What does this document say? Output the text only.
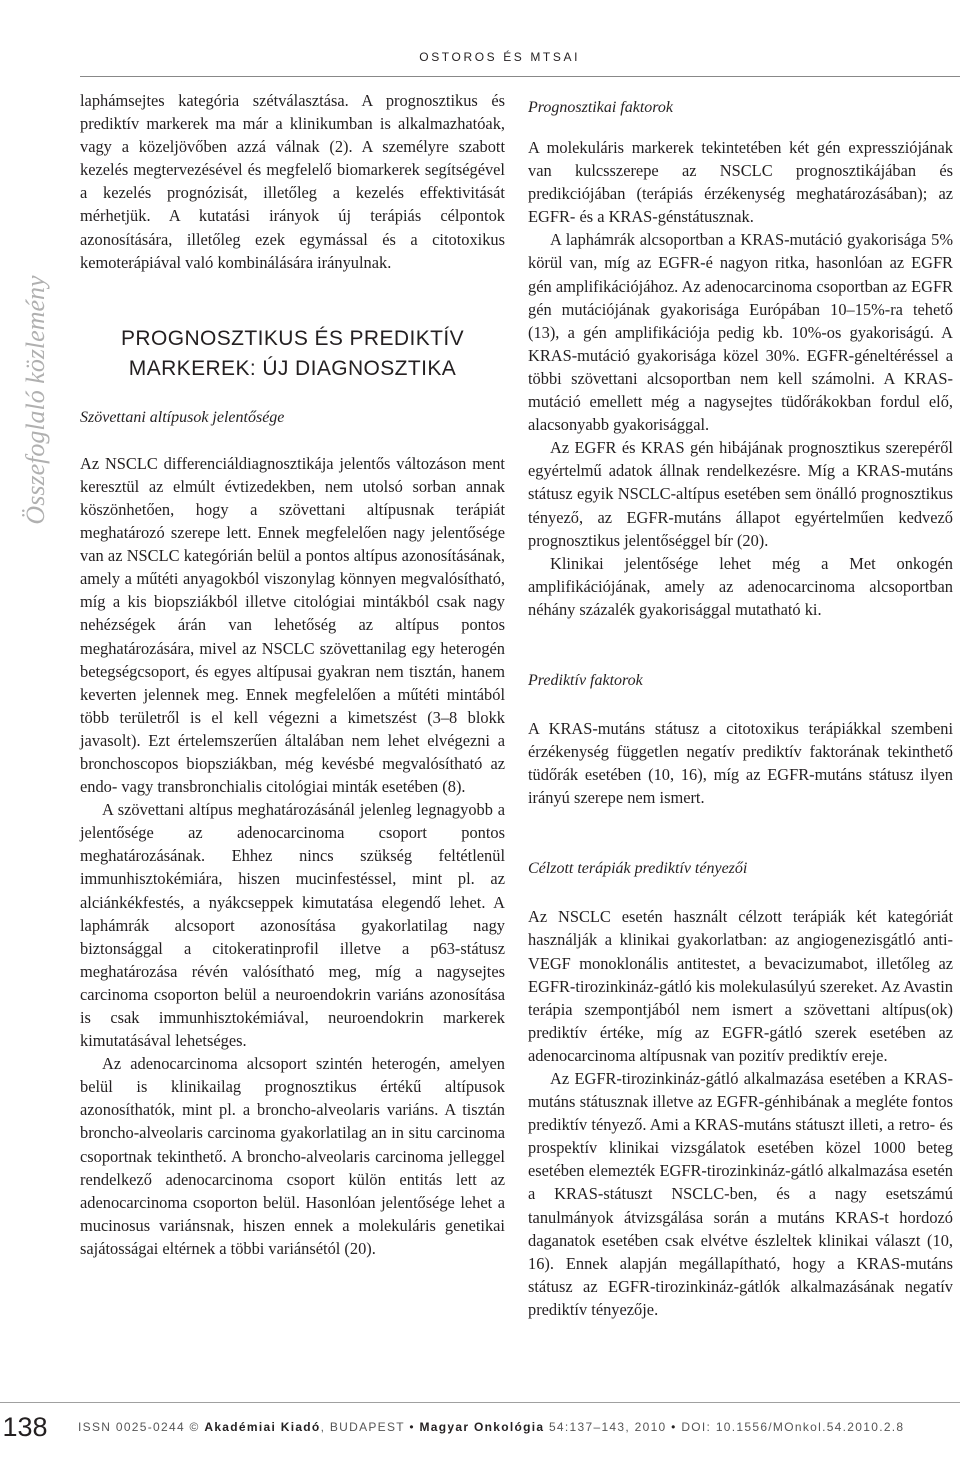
Összefoglaló közlemény
OSTOROS ÉS MTSAI

laphámsejtes kategória szétválasztása. A prognosztikus és prediktív markerek ma már a klinikumban is alkalmazhatóak, vagy a közeljövőben azzá válnak (2). A személyre szabott kezelés megtervezésével és megfelelő biomarkerek segítségével a kezelés prognózisát, illetőleg a kezelés effektivitását mérhetjük. A kutatási irányok új terápiás célpontok azonosítására, illetőleg ezek egymással és a citotoxikus kemoterápiával való kombinálására irányulnak.

PROGNOSZTIKUS ÉS PREDIKTÍV
MARKEREK: ÚJ DIAGNOSZTIKA

Szövettani altípusok jelentősége

Az NSCLC differenciáldiagnosztikája jelentős változáson ment keresztül az elmúlt évtizedekben, nem utolsó sorban annak köszönhetően, hogy a szövettani altípusnak terápiát meghatározó szerepe lett. Ennek megfelelően nagy jelentősége van az NSCLC kategórián belül a pontos altípus azonosításának, amely a műtéti anyagokból viszonylag könnyen megvalósítható, míg a kis biopsziákból illetve citológiai mintákból csak nagy nehézségek árán van lehetőség az altípus pontos meghatározására, mivel az NSCLC szövettanilag egy heterogén betegségcsoport, és egyes altípusai gyakran nem tisztán, hanem keverten jelennek meg. Ennek megfelelően a műtéti mintából több területről is el kell végezni a kimetszést (3–8 blokk javasolt). Ezt értelemszerűen általában nem lehet elvégezni a bronchoscopos biopsziákban, még kevésbé megvalósítható az endo- vagy transbronchialis citológiai minták esetében (8).

A szövettani altípus meghatározásánál jelenleg legnagyobb a jelentősége az adenocarcinoma csoport pontos meghatározásának. Ehhez nincs szükség feltétlenül immunhisztokémiára, hiszen mucinfestéssel, mint pl. az alciánkékfestés, a nyákcseppek kimutatása elegendő lehet. A laphámrák alcsoport azonosítása gyakorlatilag nagy biztonsággal a citokeratinprofil illetve a p63-státusz meghatározása révén valósítható meg, míg a nagysejtes carcinoma csoporton belül a neuroendokrin variáns azonosítása is csak immunhisztokémiával, neuroendokrin markerek kimutatásával lehetséges.

Az adenocarcinoma alcsoport szintén heterogén, amelyen belül is klinikailag prognosztikus értékű altípusok azonosíthatók, mint pl. a broncho-alveolaris variáns. A tisztán broncho-alveolaris carcinoma gyakorlatilag an in situ carcinoma csoportnak tekinthető. A broncho-alveolaris carcinoma jelleggel rendelkező adenocarcinoma csoport külön entitás lett az adenocarcinoma csoporton belül. Hasonlóan jelentősége lehet a mucinosus variánsnak, hiszen ennek a molekuláris genetikai sajátosságai eltérnek a többi variánsétól (20).

Prognosztikai faktorok

A molekuláris markerek tekintetében két gén expressziójának van kulcsszerepe az NSCLC prognosztikájában és predikciójában (terápiás érzékenység meghatározásában); az EGFR- és a KRAS-génstátusznak.

A laphámrák alcsoportban a KRAS-mutáció gyakorisága 5% körül van, míg az EGFR-é nagyon ritka, hasonlóan az EGFR gén amplifikációjához. Az adenocarcinoma csoportban az EGFR gén mutációjának gyakorisága Európában 10–15%-ra tehető (13), a gén amplifikációja pedig kb. 10%-os gyakoriságú. A KRAS-mutáció gyakorisága közel 30%. EGFR-géneltéréssel a többi szövettani alcsoportban nem kell számolni. A KRAS-mutáció emellett még a nagysejtes tüdőrákokban fordul elő, alacsonyabb gyakorisággal.

Az EGFR és KRAS gén hibájának prognosztikus szerepéről egyértelmű adatok állnak rendelkezésre. Míg a KRAS-mutáns státusz egyik NSCLC-altípus esetében sem önálló prognosztikus tényező, az EGFR-mutáns állapot egyértelműen kedvező prognosztikus jelentőséggel bír (20).

Klinikai jelentősége lehet még a Met onkogén amplifikációjának, amely az adenocarcinoma alcsoportban néhány százalék gyakorisággal mutatható ki.

Prediktív faktorok

A KRAS-mutáns státusz a citotoxikus terápiákkal szembeni érzékenység független negatív prediktív faktorának tekinthető tüdőrák esetében (10, 16), míg az EGFR-mutáns státusz ilyen irányú szerepe nem ismert.

Célzott terápiák prediktív tényezői

Az NSCLC esetén használt célzott terápiák két kategóriát használják a klinikai gyakorlatban: az angiogenezisgátló anti-VEGF monoklonális antitestet, a bevacizumabot, illetőleg az EGFR-tirozinkináz-gátló kis molekulasúlyú szereket. Az Avastin terápia szempontjából nem ismert a szövettani altípus(ok) prediktív értéke, míg az EGFR-gátló szerek esetében az adenocarcinoma altípusnak van pozitív prediktív ereje.

Az EGFR-tirozinkináz-gátló alkalmazása esetében a KRAS-mutáns státusznak illetve az EGFR-génhibának a megléte fontos prediktív tényező. Ami a KRAS-mutáns státuszt illeti, a retro- és prospektív klinikai vizsgálatok esetében közel 1000 beteg esetében elemezték EGFR-tirozinkináz-gátló alkalmazása esetén a KRAS-státuszt NSCLC-ben, és a nagy esetszámú tanulmányok átvizsgálása során a mutáns KRAS-t hordozó daganatok esetében csak elvétve észleltek klinikai választ (10, 16). Ennek alapján megállapítható, hogy a KRAS-mutáns státusz az EGFR-tirozinkináz-gátlók alkalmazásának negatív prediktív tényezője.

138	ISSN 0025-0244 © Akadémiai Kiadó, BUDAPEST • Magyar Onkológia 54:137–143, 2010 • DOI: 10.1556/MOnkol.54.2010.2.8
